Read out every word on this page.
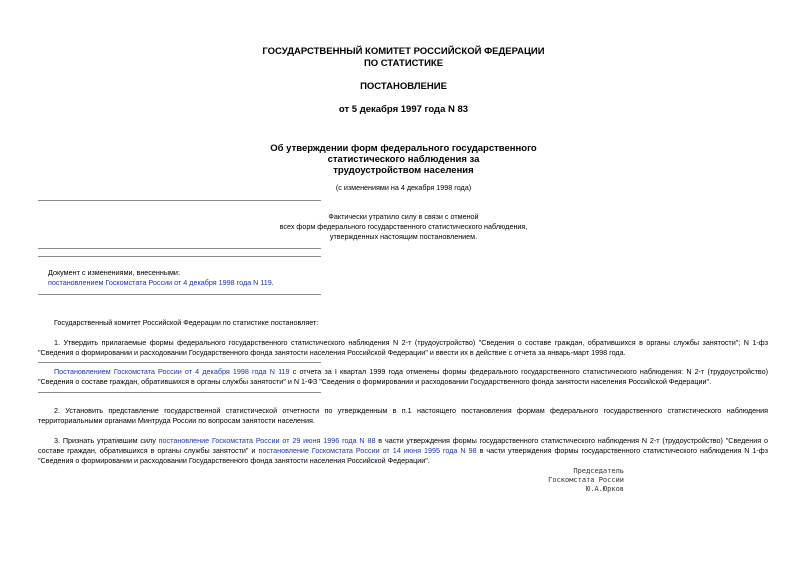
ГОСУДАРСТВЕННЫЙ КОМИТЕТ РОССИЙСКОЙ ФЕДЕРАЦИИ
ПО СТАТИСТИКЕ
ПОСТАНОВЛЕНИЕ
от 5 декабря 1997 года N 83
Об утверждении форм федерального государственного
статистического наблюдения за
трудоустройством населения
(с изменениями на 4 декабря 1998 года)
Фактически утратило силу в связи с отменой
всех форм федерального государственного статистического наблюдения,
утвержденных настоящим постановлением.
Документ с изменениями, внесенными:
постановлением Госкомстата России от 4 декабря 1998 года N 119.
Государственный комитет Российской Федерации по статистике постановляет:
1. Утвердить прилагаемые формы федерального государственного статистического наблюдения N 2-т (трудоустройство) "Сведения о составе граждан, обратившихся в органы службы занятости"; N 1-фз "Сведения о формировании и расходовании Государственного фонда занятости населения Российской Федерации" и ввести их в действие с отчета за январь-март 1998 года.
Постановлением Госкомстата России от 4 декабря 1998 года N 119 с отчета за I квартал 1999 года отменены формы федерального государственного статистического наблюдения: N 2-т (трудоустройство) "Сведения о составе граждан, обратившихся в органы службы занятости" и N 1-ФЗ "Сведения о формировании и расходовании Государственного фонда занятости населения Российской Федерации".
2. Установить представление государственной статистической отчетности по утвержденным в п.1 настоящего постановления формам федерального государственного статистического наблюдения территориальными органами Минтруда России по вопросам занятости населения.
3. Признать утратившим силу постановление Госкомстата России от 29 июня 1996 года N 88 в части утверждения формы государственного статистического наблюдения N 2-т (трудоустройство) "Сведения о составе граждан, обратившихся в органы службы занятости" и постановление Госкомстата России от 14 июня 1995 года N 98 в части утверждения формы государственного статистического наблюдения N 1-фз "Сведения о формировании и расходовании Государственного фонда занятости населения Российской Федерации".
Председатель
Госкомстата России
Ю.А.Юрков
